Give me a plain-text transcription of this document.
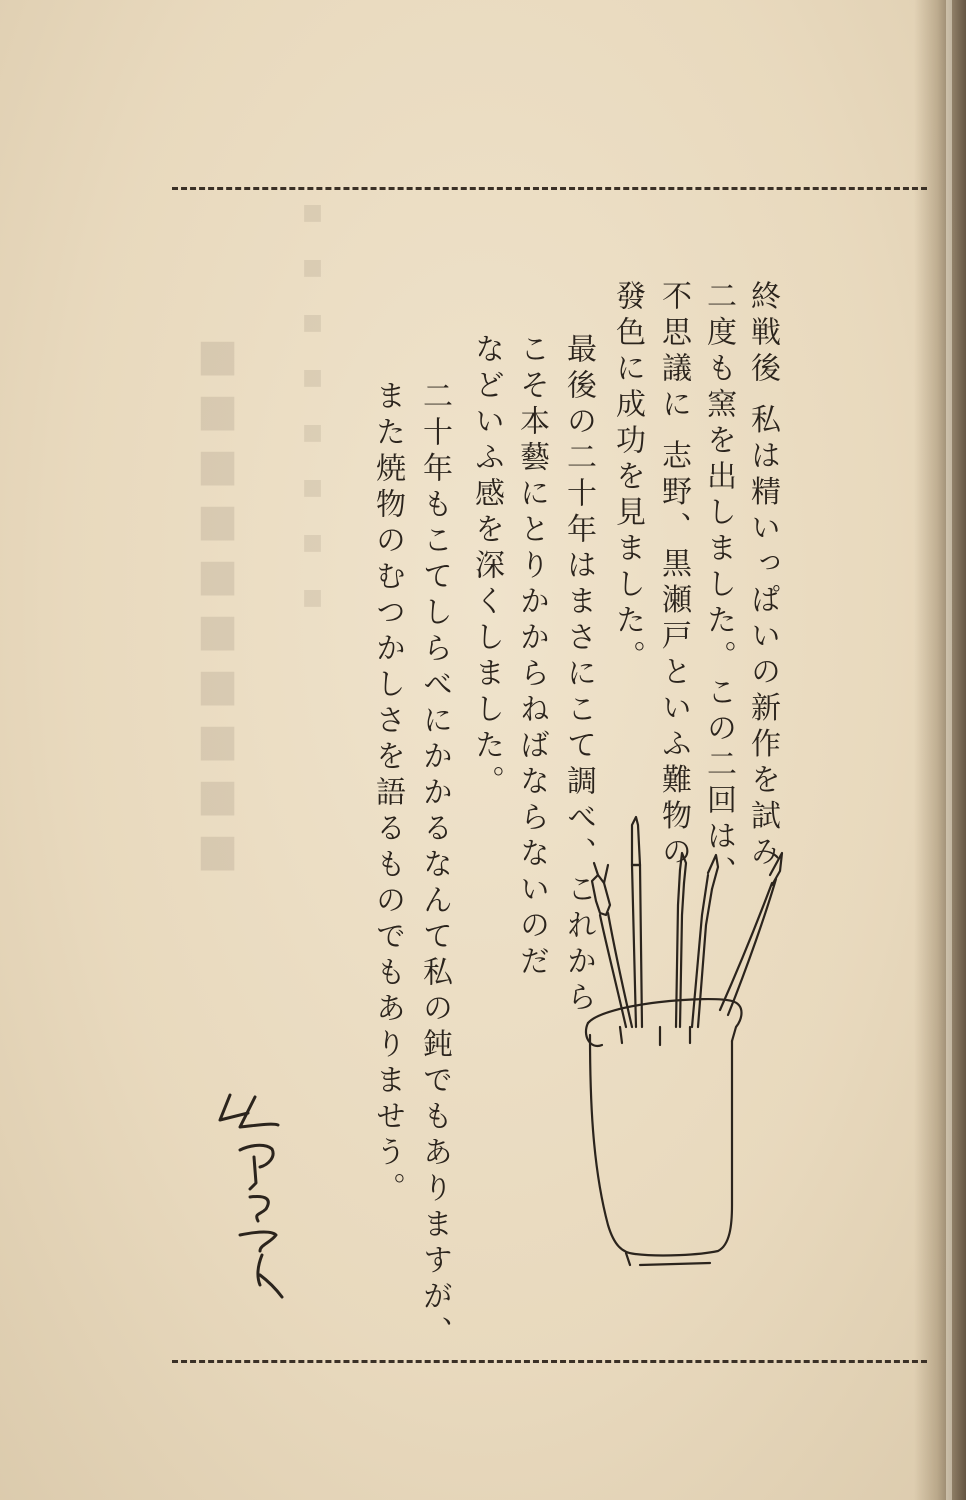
■■■■■■■■■■	■■■■■■■■	終戦後 私は精いっぱいの新作を試み
二度も窯を出しました。この二回は、
不思議に 志野、黒瀬戸といふ難物の
發色に成功を見ました。
最後の二十年はまさにこて調べ、これから
こそ本藝にとりかからねばならないのだ
などいふ感を深くしました。
二十年もこてしらべにかかるなんて私の鈍でもありますが、
また焼物のむつかしさを語るものでもありませう。
